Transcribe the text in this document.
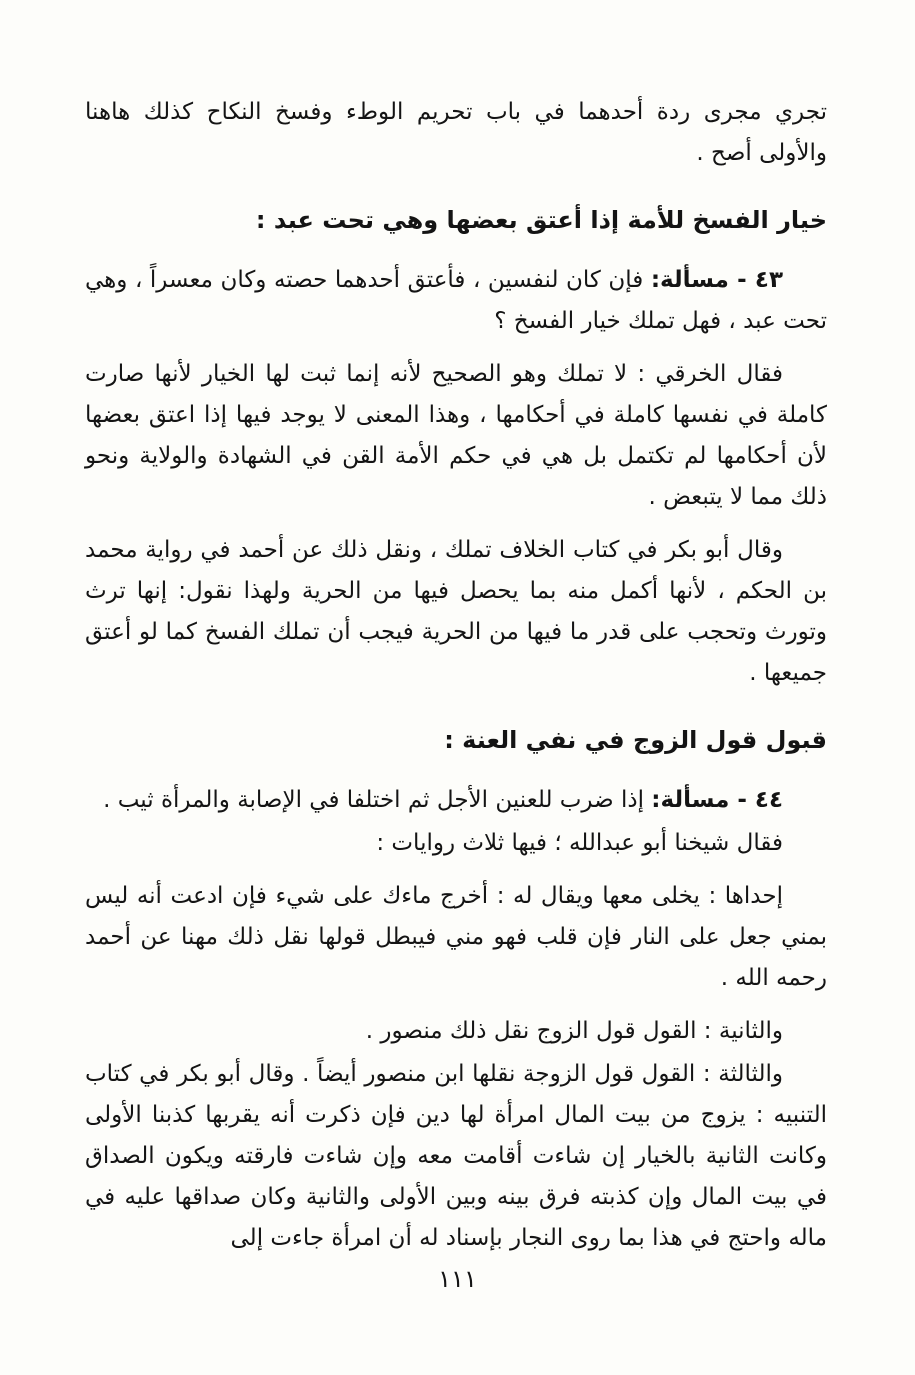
تجري مجرى ردة أحدهما في باب تحريم الوطء وفسخ النكاح كذلك هاهنا والأولى أصح .

خيار الفسخ للأمة إذا أعتق بعضها وهي تحت عبد :

٤٣ - مسألة: فإن كان لنفسين ، فأعتق أحدهما حصته وكان معسراً ، وهي تحت عبد ، فهل تملك خيار الفسخ ؟

فقال الخرقي : لا تملك وهو الصحيح لأنه إنما ثبت لها الخيار لأنها صارت كاملة في نفسها كاملة في أحكامها ، وهذا المعنى لا يوجد فيها إذا اعتق بعضها لأن أحكامها لم تكتمل بل هي في حكم الأمة القن في الشهادة والولاية ونحو ذلك مما لا يتبعض .

وقال أبو بكر في كتاب الخلاف تملك ، ونقل ذلك عن أحمد في رواية محمد بن الحكم ، لأنها أكمل منه بما يحصل فيها من الحرية ولهذا نقول: إنها ترث وتورث وتحجب على قدر ما فيها من الحرية فيجب أن تملك الفسخ كما لو أعتق جميعها .

قبول قول الزوج في نفي العنة :

٤٤ - مسألة: إذا ضرب للعنين الأجل ثم اختلفا في الإصابة والمرأة ثيب .

فقال شيخنا أبو عبدالله ؛ فيها ثلاث روايات :

إحداها : يخلى معها ويقال له : أخرج ماءك على شيء فإن ادعت أنه ليس بمني جعل على النار فإن قلب فهو مني فيبطل قولها نقل ذلك مهنا عن أحمد رحمه الله .

والثانية : القول قول الزوج نقل ذلك منصور .

والثالثة : القول قول الزوجة نقلها ابن منصور أيضاً . وقال أبو بكر في كتاب التنبيه : يزوج من بيت المال امرأة لها دين فإن ذكرت أنه يقربها كذبنا الأولى وكانت الثانية بالخيار إن شاءت أقامت معه وإن شاءت فارقته ويكون الصداق في بيت المال وإن كذبته فرق بينه وبين الأولى والثانية وكان صداقها عليه في ماله واحتج في هذا بما روى النجار بإسناد له أن امرأة جاءت إلى

١١١
